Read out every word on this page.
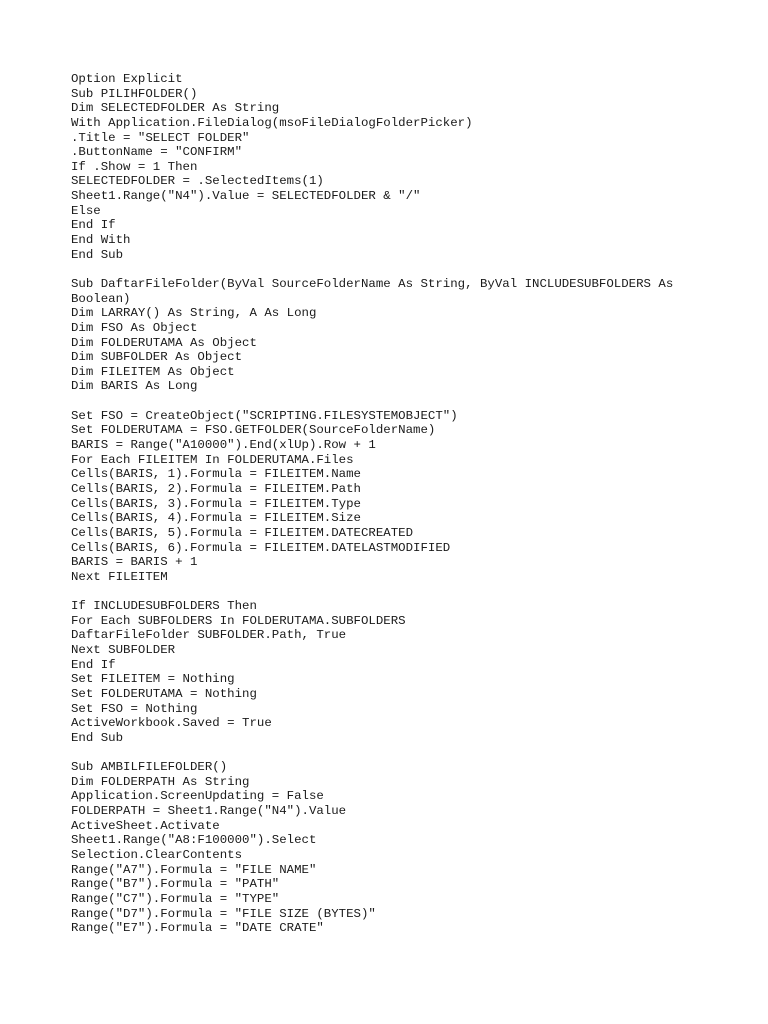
Option Explicit
Sub PILIHFOLDER()
Dim SELECTEDFOLDER As String
With Application.FileDialog(msoFileDialogFolderPicker)
.Title = "SELECT FOLDER"
.ButtonName = "CONFIRM"
If .Show = 1 Then
SELECTEDFOLDER = .SelectedItems(1)
Sheet1.Range("N4").Value = SELECTEDFOLDER & "/"
Else
End If
End With
End Sub
Sub DaftarFileFolder(ByVal SourceFolderName As String, ByVal INCLUDESUBFOLDERS As
Boolean)
Dim LARRAY() As String, A As Long
Dim FSO As Object
Dim FOLDERUTAMA As Object
Dim SUBFOLDER As Object
Dim FILEITEM As Object
Dim BARIS As Long
Set FSO = CreateObject("SCRIPTING.FILESYSTEMOBJECT")
Set FOLDERUTAMA = FSO.GETFOLDER(SourceFolderName)
BARIS = Range("A10000").End(xlUp).Row + 1
For Each FILEITEM In FOLDERUTAMA.Files
Cells(BARIS, 1).Formula = FILEITEM.Name
Cells(BARIS, 2).Formula = FILEITEM.Path
Cells(BARIS, 3).Formula = FILEITEM.Type
Cells(BARIS, 4).Formula = FILEITEM.Size
Cells(BARIS, 5).Formula = FILEITEM.DATECREATED
Cells(BARIS, 6).Formula = FILEITEM.DATELASTMODIFIED
BARIS = BARIS + 1
Next FILEITEM
If INCLUDESUBFOLDERS Then
For Each SUBFOLDERS In FOLDERUTAMA.SUBFOLDERS
DaftarFileFolder SUBFOLDER.Path, True
Next SUBFOLDER
End If
Set FILEITEM = Nothing
Set FOLDERUTAMA = Nothing
Set FSO = Nothing
ActiveWorkbook.Saved = True
End Sub
Sub AMBILFILEFOLDER()
Dim FOLDERPATH As String
Application.ScreenUpdating = False
FOLDERPATH = Sheet1.Range("N4").Value
ActiveSheet.Activate
Sheet1.Range("A8:F100000").Select
Selection.ClearContents
Range("A7").Formula = "FILE NAME"
Range("B7").Formula = "PATH"
Range("C7").Formula = "TYPE"
Range("D7").Formula = "FILE SIZE (BYTES)"
Range("E7").Formula = "DATE CRATE"
